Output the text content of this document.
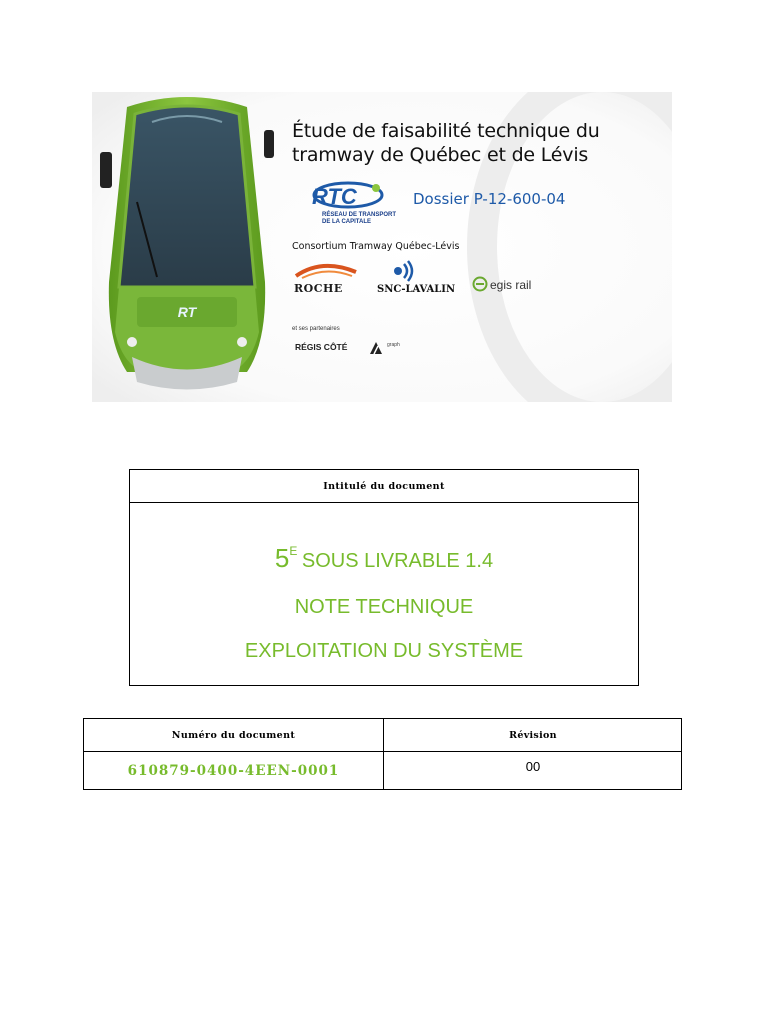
RT
Étude de faisabilité technique du
tramway de Québec et de Lévis
RTC
RÉSEAU DE TRANSPORT
DE LA CAPITALE
Dossier P-12-600-04
Consortium Tramway Québec-Lévis
ROCHE	SNC-LAVALIN	egis rail
et ses partenaires
RÉGIS CÔTÉ	graph
Intitulé du document
$5^E$ SOUS LIVRABLE 1.4
NOTE TECHNIQUE
EXPLOITATION DU SYSTÈME
Numéro du document	Révision
610879-0400-4EEN-0001	00
